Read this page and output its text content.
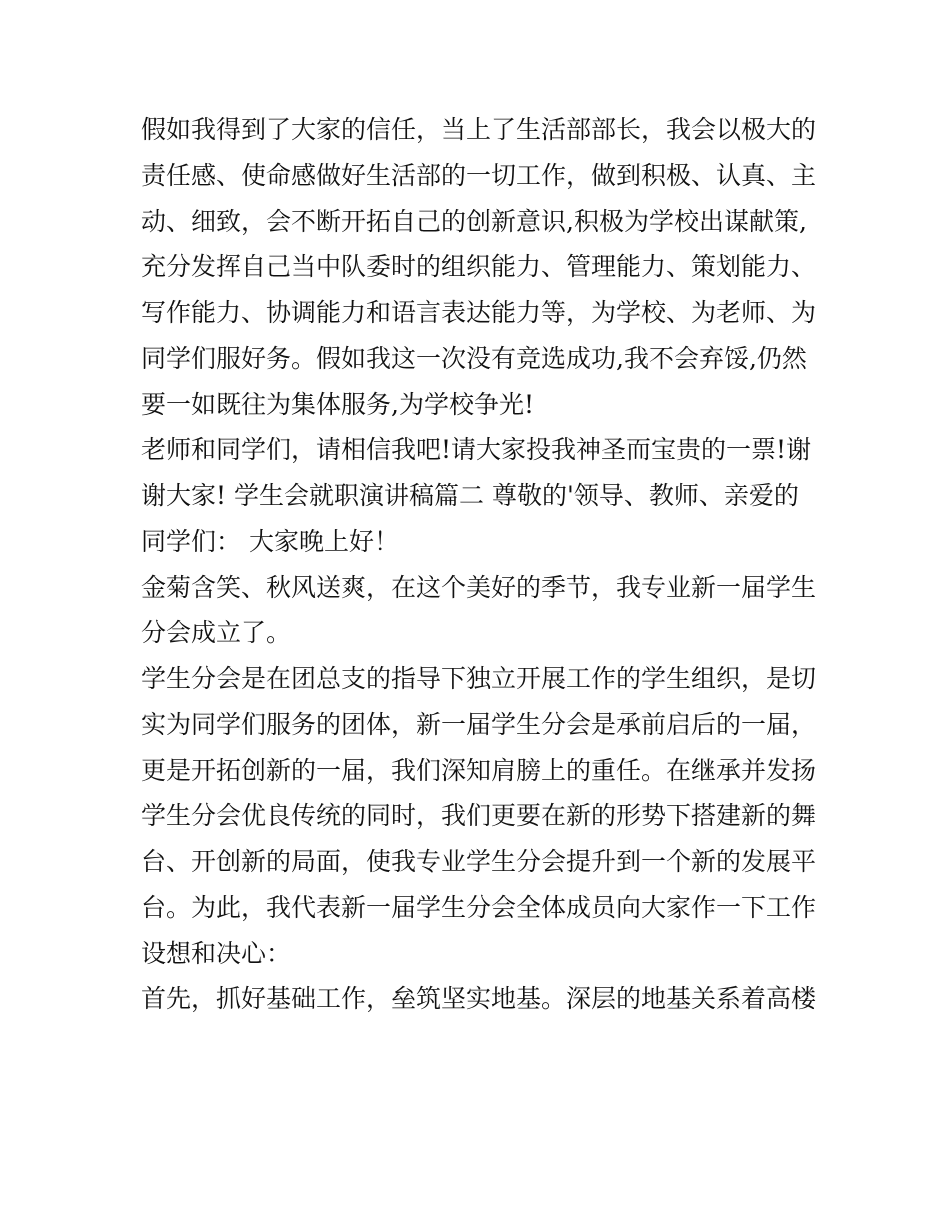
假如我得到了大家的信任，当上了生活部部长，我会以极大的
责任感、使命感做好生活部的一切工作，做到积极、认真、主
动、细致，会不断开拓自己的创新意识,积极为学校出谋献策,
充分发挥自己当中队委时的组织能力、管理能力、策划能力、
写作能力、协调能力和语言表达能力等，为学校、为老师、为
同学们服好务。假如我这一次没有竞选成功,我不会弃馁,仍然
要一如既往为集体服务,为学校争光!
老师和同学们，请相信我吧!请大家投我神圣而宝贵的一票!谢
谢大家! 学生会就职演讲稿篇二 尊敬的'领导、教师、亲爱的
同学们： 大家晚上好！
金菊含笑、秋风送爽，在这个美好的季节，我专业新一届学生
分会成立了。
学生分会是在团总支的指导下独立开展工作的学生组织，是切
实为同学们服务的团体，新一届学生分会是承前启后的一届，
更是开拓创新的一届，我们深知肩膀上的重任。在继承并发扬
学生分会优良传统的同时，我们更要在新的形势下搭建新的舞
台、开创新的局面，使我专业学生分会提升到一个新的发展平
台。为此，我代表新一届学生分会全体成员向大家作一下工作
设想和决心：
首先，抓好基础工作，垒筑坚实地基。深层的地基关系着高楼
